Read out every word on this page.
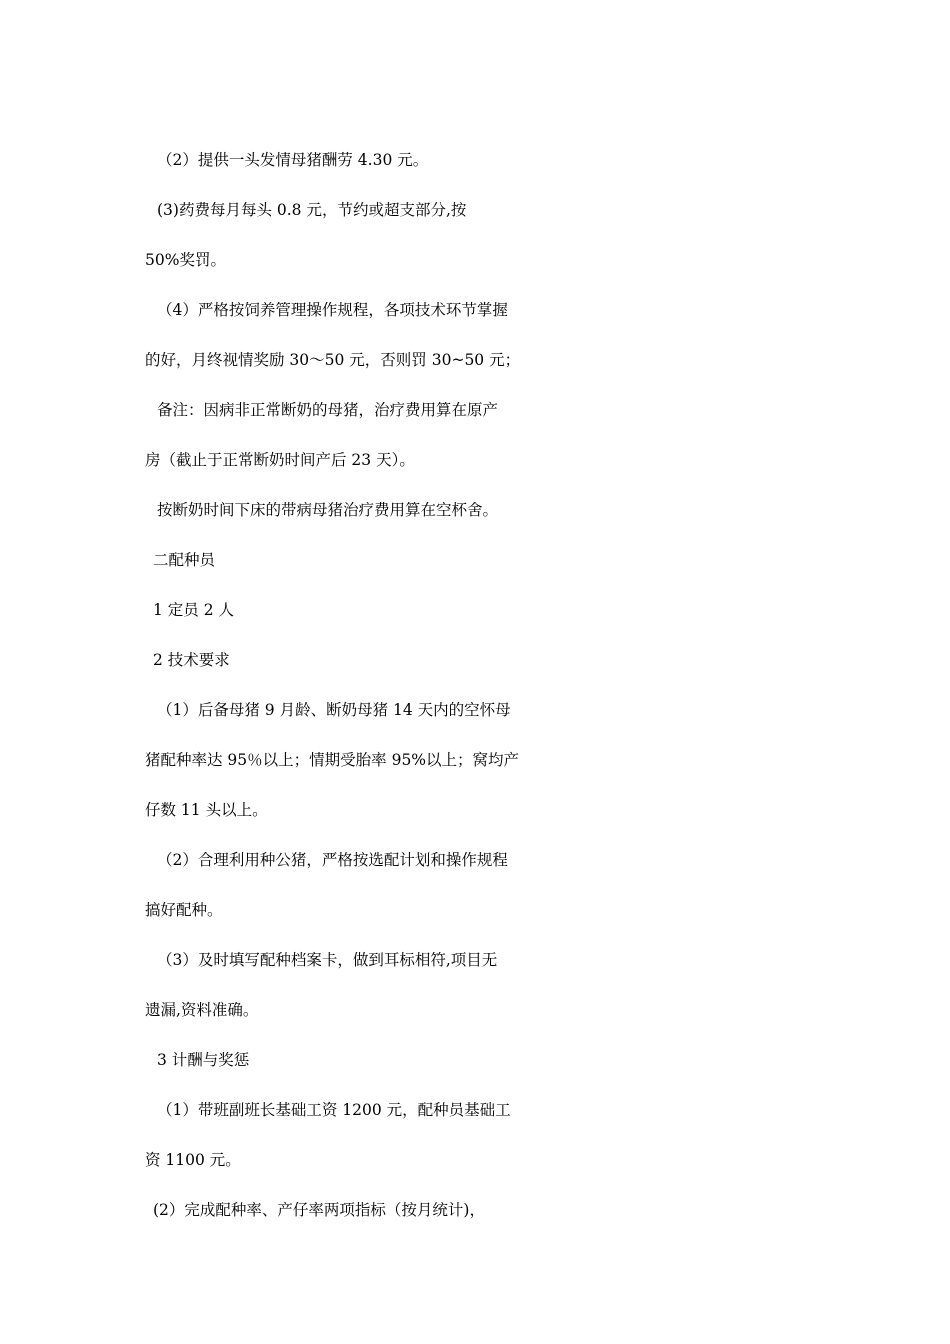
（2）提供一头发情母猪酬劳 4.30 元。
(3)药费每月每头 0.8 元，节约或超支部分,按
50%奖罚。
（4）严格按饲养管理操作规程，各项技术环节掌握
的好，月终视情奖励 30～50 元，否则罚 30~50 元；
备注：因病非正常断奶的母猪，治疗费用算在原产
房（截止于正常断奶时间产后 23 天）。
按断奶时间下床的带病母猪治疗费用算在空杯舍。
二配种员
1 定员 2 人
2 技术要求
（1）后备母猪 9 月龄、断奶母猪 14 天内的空怀母
猪配种率达 95％以上；情期受胎率 95%以上；窝均产
仔数 11 头以上。
（2）合理利用种公猪，严格按选配计划和操作规程
搞好配种。
（3）及时填写配种档案卡，做到耳标相符,项目无
遗漏,资料准确。
3 计酬与奖惩
（1）带班副班长基础工资 1200 元，配种员基础工
资 1100 元。
(2）完成配种率、产仔率两项指标（按月统计)，
